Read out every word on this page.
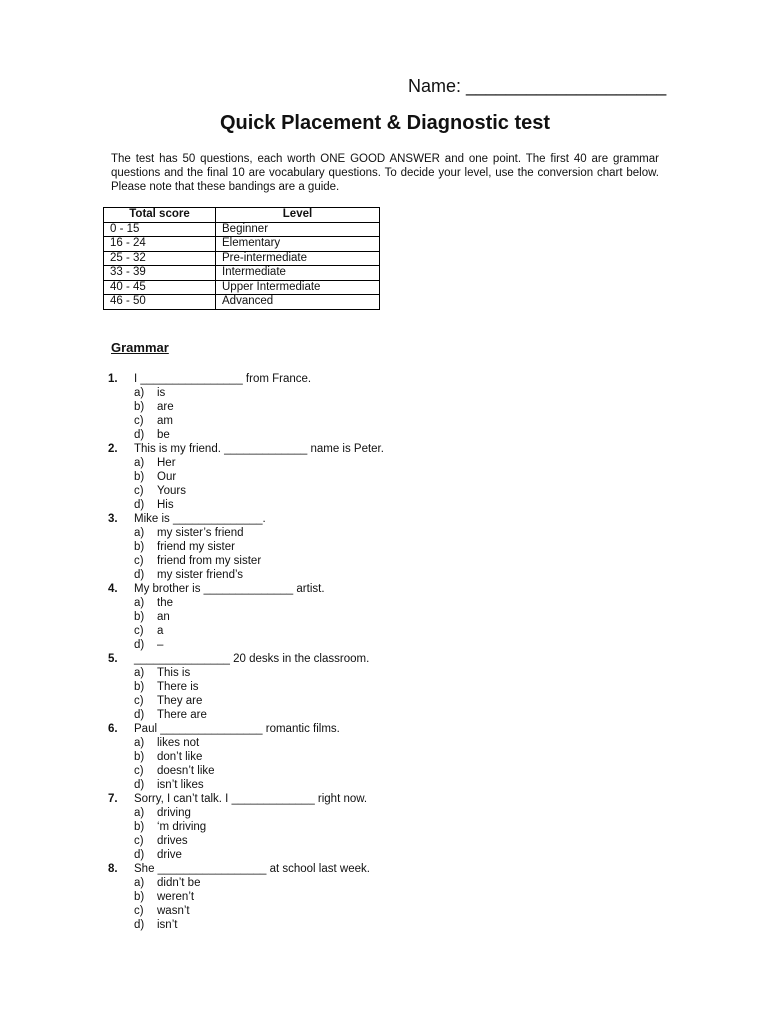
Name: ____________________
Quick Placement & Diagnostic test
The test has 50 questions, each worth ONE GOOD ANSWER and one point. The first 40 are grammar questions and the final 10 are vocabulary questions. To decide your level, use the conversion chart below. Please note that these bandings are a guide.
Total score	Level
0 - 15	Beginner
16 - 24	Elementary
25 - 32	Pre-intermediate
33 - 39	Intermediate
40 - 45	Upper Intermediate
46 - 50	Advanced
Grammar
1.	I ________________ from France.
a)	is
b)	are
c)	am
d)	be
2.	This is my friend. _____________ name is Peter.
a)	Her
b)	Our
c)	Yours
d)	His
3.	Mike is ______________.
a)	my sister’s friend
b)	friend my sister
c)	friend from my sister
d)	my sister friend’s
4.	My brother is ______________ artist.
a)	the
b)	an
c)	a
d)	–
5.	_______________ 20 desks in the classroom.
a)	This is
b)	There is
c)	They are
d)	There are
6.	Paul ________________ romantic films.
a)	likes not
b)	don’t like
c)	doesn’t like
d)	isn’t likes
7.	Sorry, I can’t talk. I _____________ right now.
a)	driving
b)	‘m driving
c)	drives
d)	drive
8.	She _________________ at school last week.
a)	didn’t be
b)	weren’t
c)	wasn’t
d)	isn’t
